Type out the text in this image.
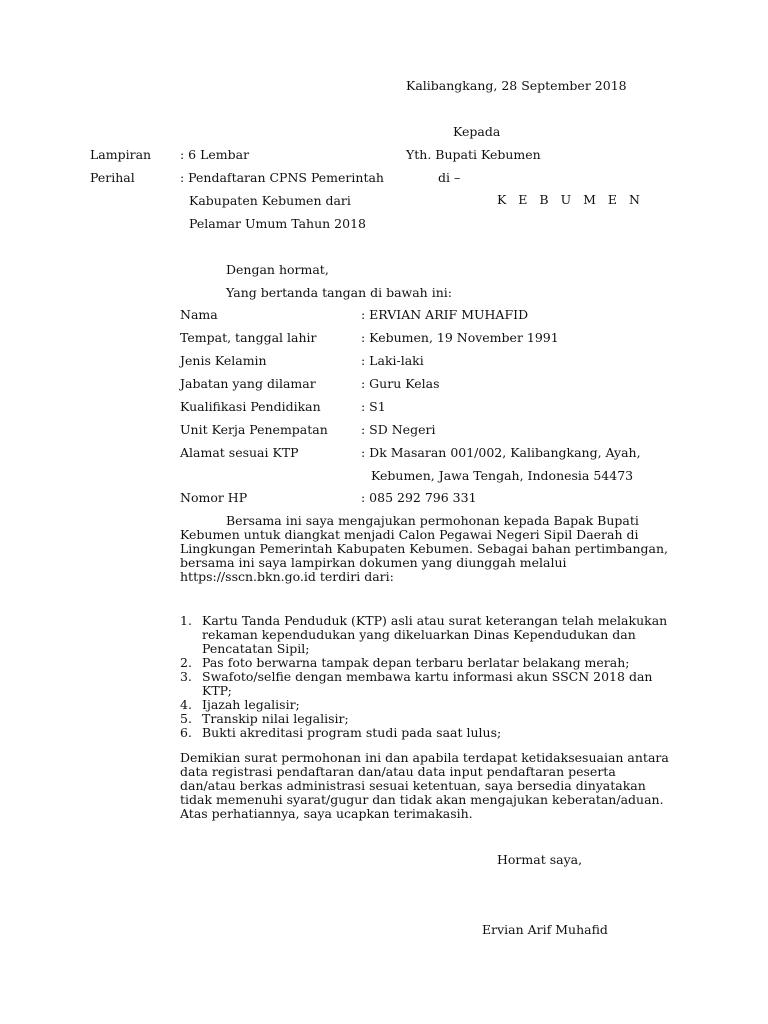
Kalibangkang, 28 September 2018
Kepada
Yth. Bupati Kebumen
di –
K E B U M E N
Lampiran : 6 Lembar
Perihal	: Pendaftaran CPNS Pemerintah
Kabupaten Kebumen dari
Pelamar Umum Tahun 2018
Dengan hormat,
Yang bertanda tangan di bawah ini:
Nama	: ERVIAN ARIF MUHAFID
Tempat, tanggal lahir	: Kebumen, 19 November 1991
Jenis Kelamin	: Laki-laki
Jabatan yang dilamar	: Guru Kelas
Kualifikasi Pendidikan	: S1
Unit Kerja Penempatan	: SD Negeri
Alamat sesuai KTP	: Dk Masaran 001/002, Kalibangkang, Ayah,
Kebumen, Jawa Tengah, Indonesia 54473
Nomor HP	: 085 292 796 331
Bersama ini saya mengajukan permohonan kepada Bapak Bupati Kebumen untuk diangkat menjadi Calon Pegawai Negeri Sipil Daerah di Lingkungan Pemerintah Kabupaten Kebumen. Sebagai bahan pertimbangan, bersama ini saya lampirkan dokumen yang diunggah melalui https://sscn.bkn.go.id terdiri dari:
1. Kartu Tanda Penduduk (KTP) asli atau surat keterangan telah melakukan rekaman kependudukan yang dikeluarkan Dinas Kependudukan dan Pencatatan Sipil;
2. Pas foto berwarna tampak depan terbaru berlatar belakang merah;
3. Swafoto/selfie dengan membawa kartu informasi akun SSCN 2018 dan KTP;
4. Ijazah legalisir;
5. Transkip nilai legalisir;
6. Bukti akreditasi program studi pada saat lulus;
Demikian surat permohonan ini dan apabila terdapat ketidaksesuaian antara data registrasi pendaftaran dan/atau data input pendaftaran peserta dan/atau berkas administrasi sesuai ketentuan, saya bersedia dinyatakan tidak memenuhi syarat/gugur dan tidak akan mengajukan keberatan/aduan. Atas perhatiannya, saya ucapkan terimakasih.
Hormat saya,
Ervian Arif Muhafid
